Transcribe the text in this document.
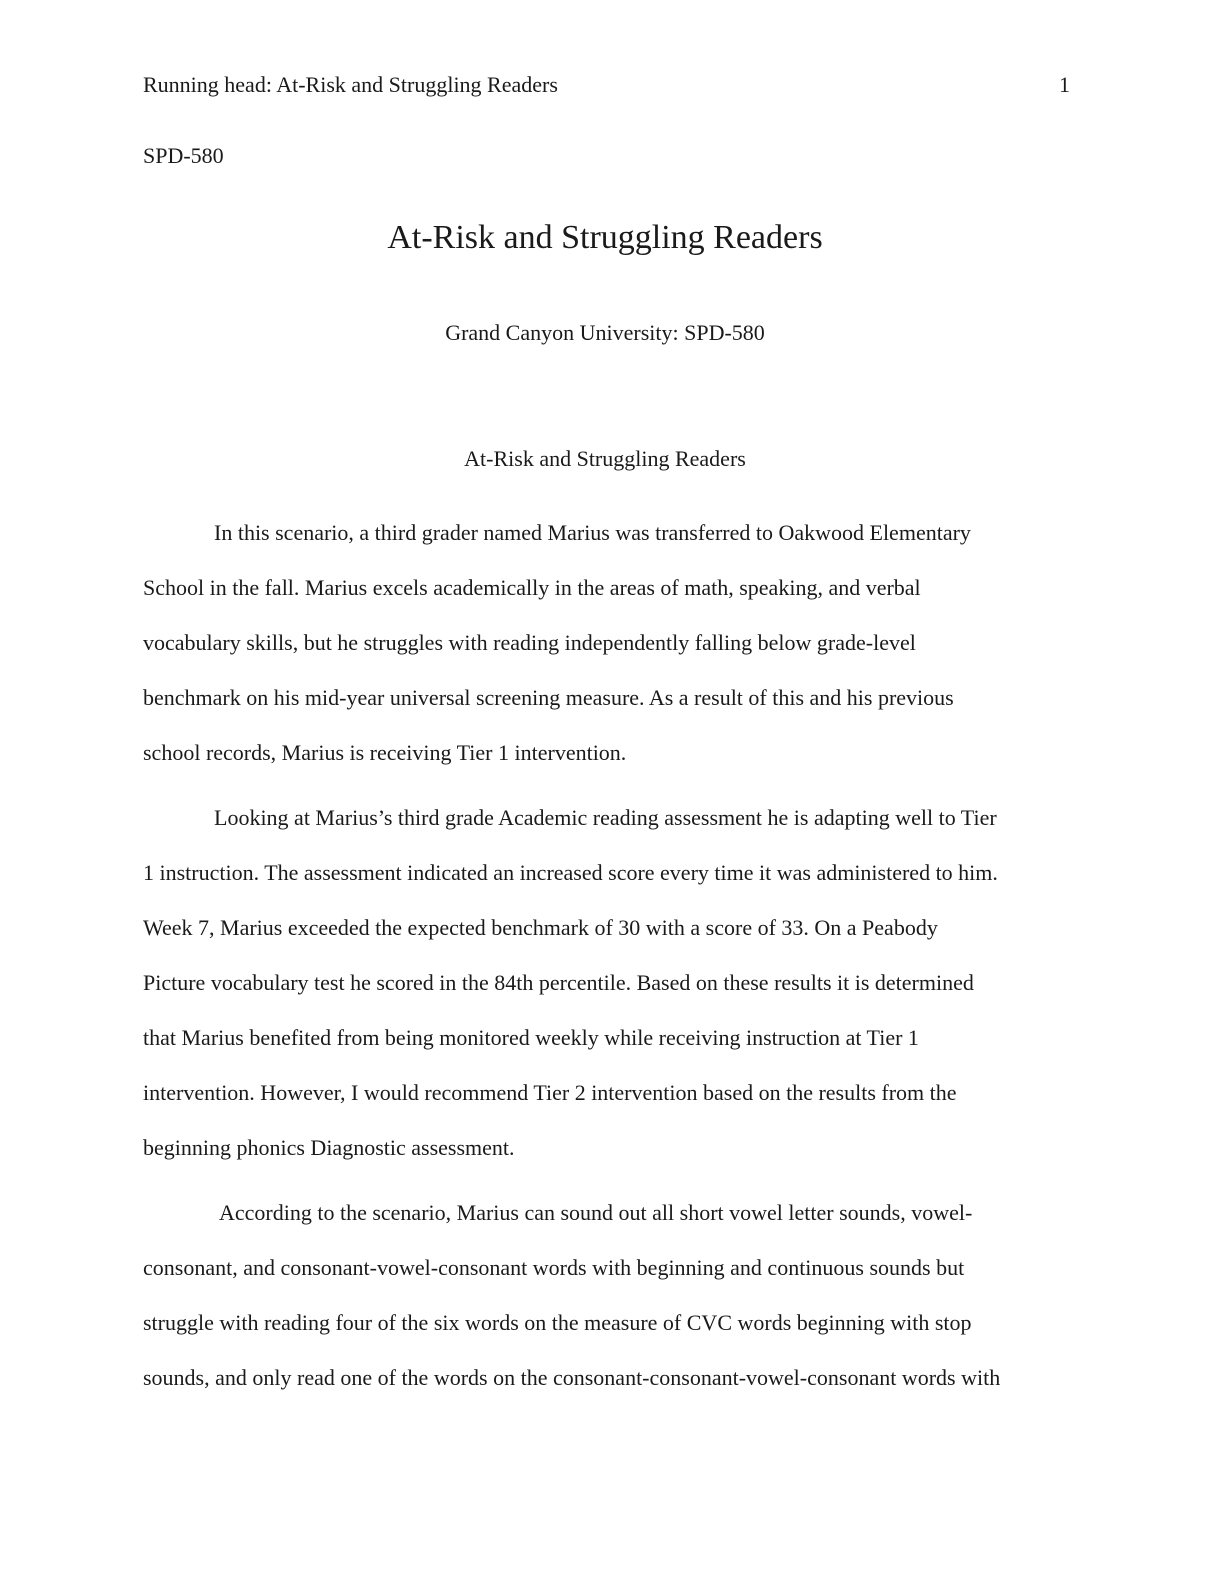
Running head: At-Risk and Struggling Readers	1
SPD-580
At-Risk and Struggling Readers
Grand Canyon University: SPD-580
At-Risk and Struggling Readers
In this scenario, a third grader named Marius was transferred to Oakwood Elementary
School in the fall. Marius excels academically in the areas of math, speaking, and verbal
vocabulary skills, but he struggles with reading independently falling below grade-level
benchmark on his mid-year universal screening measure. As a result of this and his previous
school records, Marius is receiving Tier 1 intervention.
Looking at Marius’s third grade Academic reading assessment he is adapting well to Tier
1 instruction. The assessment indicated an increased score every time it was administered to him.
Week 7, Marius exceeded the expected benchmark of 30 with a score of 33. On a Peabody
Picture vocabulary test he scored in the 84th percentile. Based on these results it is determined
that Marius benefited from being monitored weekly while receiving instruction at Tier 1
intervention. However, I would recommend Tier 2 intervention based on the results from the
beginning phonics Diagnostic assessment.
According to the scenario, Marius can sound out all short vowel letter sounds, vowel-
consonant, and consonant-vowel-consonant words with beginning and continuous sounds but
struggle with reading four of the six words on the measure of CVC words beginning with stop
sounds, and only read one of the words on the consonant-consonant-vowel-consonant words with
